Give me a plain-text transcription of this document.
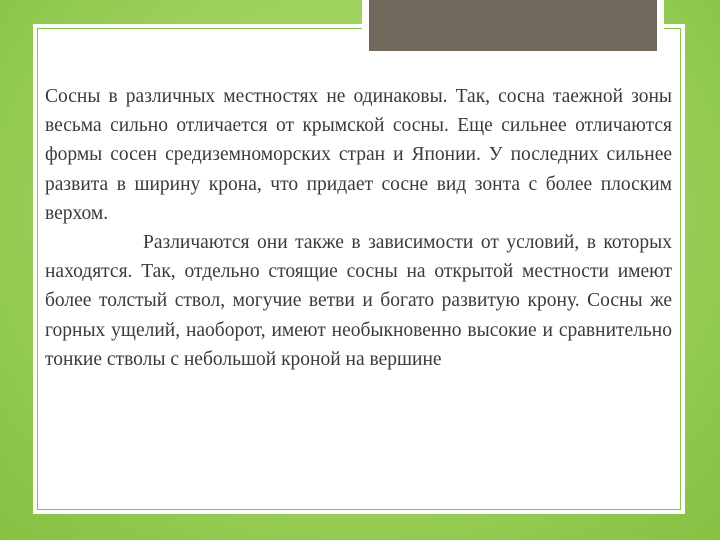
Сосны в различных местностях не одинаковы. Так, сосна таежной зоны весьма сильно отличается от крымской сосны. Еще сильнее отличаются формы сосен средиземноморских стран и Японии. У последних сильнее развита в ширину крона, что придает сосне вид зонта с более плоским верхом.

Различаются они также в зависимости от условий, в которых находятся. Так, отдельно стоящие сосны на открытой местности имеют более толстый ствол, могучие ветви и богато развитую крону. Сосны же горных ущелий, наоборот, имеют необыкновенно высокие и сравнительно тонкие стволы с небольшой кроной на вершине
